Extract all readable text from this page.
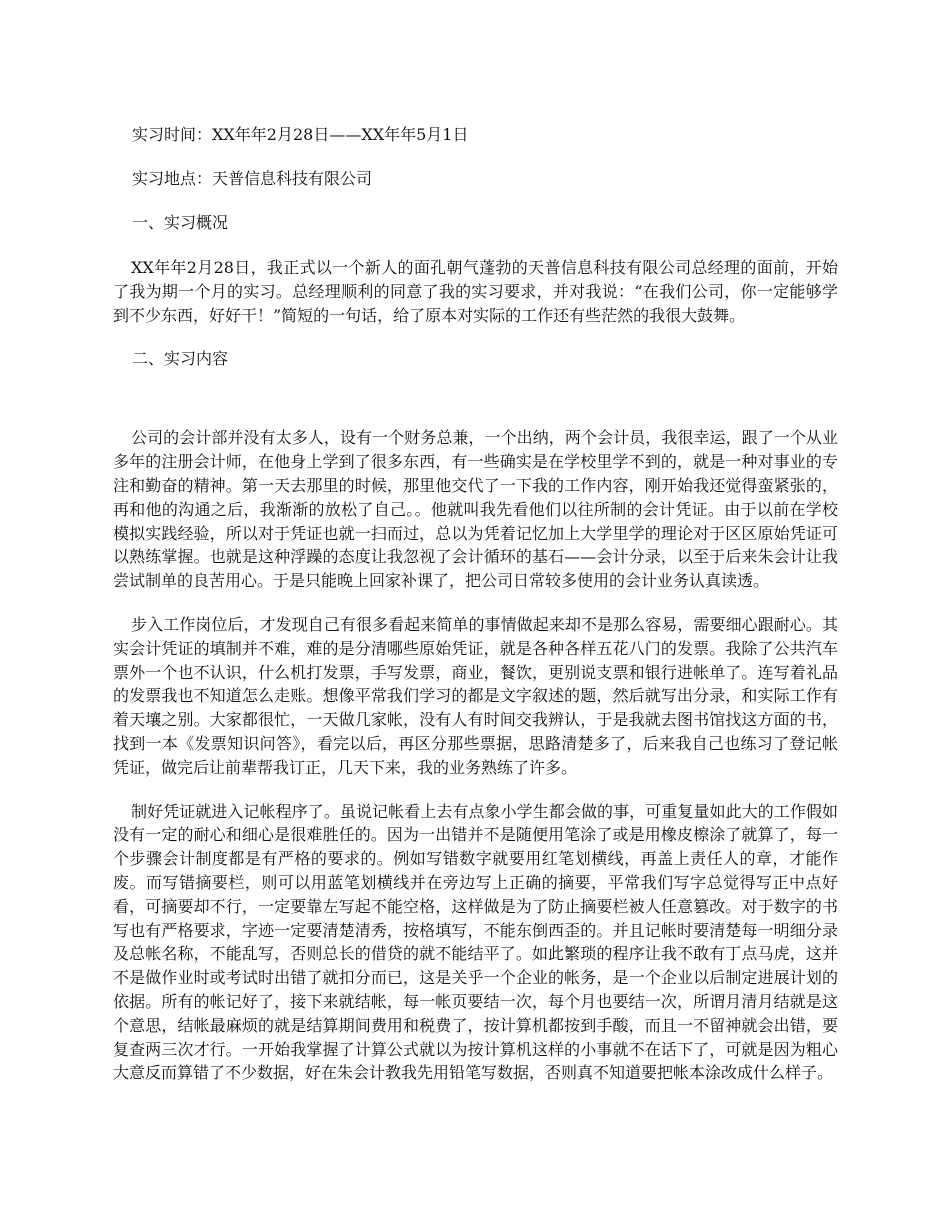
实习时间：XX年年2月28日——XX年年5月1日

实习地点：天普信息科技有限公司

一、实习概况

XX年年2月28日，我正式以一个新人的面孔朝气蓬勃的天普信息科技有限公司总经理的面前，开始了我为期一个月的实习。总经理顺利的同意了我的实习要求，并对我说：“在我们公司，你一定能够学到不少东西，好好干！”简短的一句话，给了原本对实际的工作还有些茫然的我很大鼓舞。

二、实习内容

公司的会计部并没有太多人，设有一个财务总兼，一个出纳，两个会计员，我很幸运，跟了一个从业多年的注册会计师，在他身上学到了很多东西，有一些确实是在学校里学不到的，就是一种对事业的专注和勤奋的精神。第一天去那里的时候，那里他交代了一下我的工作内容，刚开始我还觉得蛮紧张的，再和他的沟通之后，我渐渐的放松了自己。。他就叫我先看他们以往所制的会计凭证。由于以前在学校模拟实践经验，所以对于凭证也就一扫而过，总以为凭着记忆加上大学里学的理论对于区区原始凭证可以熟练掌握。也就是这种浮躁的态度让我忽视了会计循环的基石——会计分录，以至于后来朱会计让我尝试制单的良苦用心。于是只能晚上回家补课了，把公司日常较多使用的会计业务认真读透。

步入工作岗位后，才发现自己有很多看起来简单的事情做起来却不是那么容易，需要细心跟耐心。其实会计凭证的填制并不难，难的是分清哪些原始凭证，就是各种各样五花八门的发票。我除了公共汽车票外一个也不认识，什么机打发票，手写发票，商业，餐饮，更别说支票和银行进帐单了。连写着礼品的发票我也不知道怎么走账。想像平常我们学习的都是文字叙述的题，然后就写出分录，和实际工作有着天壤之别。大家都很忙，一天做几家帐，没有人有时间交我辨认，于是我就去图书馆找这方面的书，找到一本《发票知识问答》，看完以后，再区分那些票据，思路清楚多了，后来我自己也练习了登记帐凭证，做完后让前辈帮我订正，几天下来，我的业务熟练了许多。

制好凭证就进入记帐程序了。虽说记帐看上去有点象小学生都会做的事，可重复量如此大的工作假如没有一定的耐心和细心是很难胜任的。因为一出错并不是随便用笔涂了或是用橡皮檫涂了就算了，每一个步骤会计制度都是有严格的要求的。例如写错数字就要用红笔划横线，再盖上责任人的章，才能作废。而写错摘要栏，则可以用蓝笔划横线并在旁边写上正确的摘要，平常我们写字总觉得写正中点好看，可摘要却不行，一定要靠左写起不能空格，这样做是为了防止摘要栏被人任意篡改。对于数字的书写也有严格要求，字迹一定要清楚清秀，按格填写，不能东倒西歪的。并且记帐时要清楚每一明细分录及总帐名称，不能乱写，否则总长的借贷的就不能结平了。如此繁琐的程序让我不敢有丁点马虎，这并不是做作业时或考试时出错了就扣分而已，这是关乎一个企业的帐务，是一个企业以后制定进展计划的依据。所有的帐记好了，接下来就结帐，每一帐页要结一次，每个月也要结一次，所谓月清月结就是这个意思，结帐最麻烦的就是结算期间费用和税费了，按计算机都按到手酸，而且一不留神就会出错，要复查两三次才行。一开始我掌握了计算公式就以为按计算机这样的小事就不在话下了，可就是因为粗心大意反而算错了不少数据，好在朱会计教我先用铅笔写数据，否则真不知道要把帐本涂改成什么样子。
